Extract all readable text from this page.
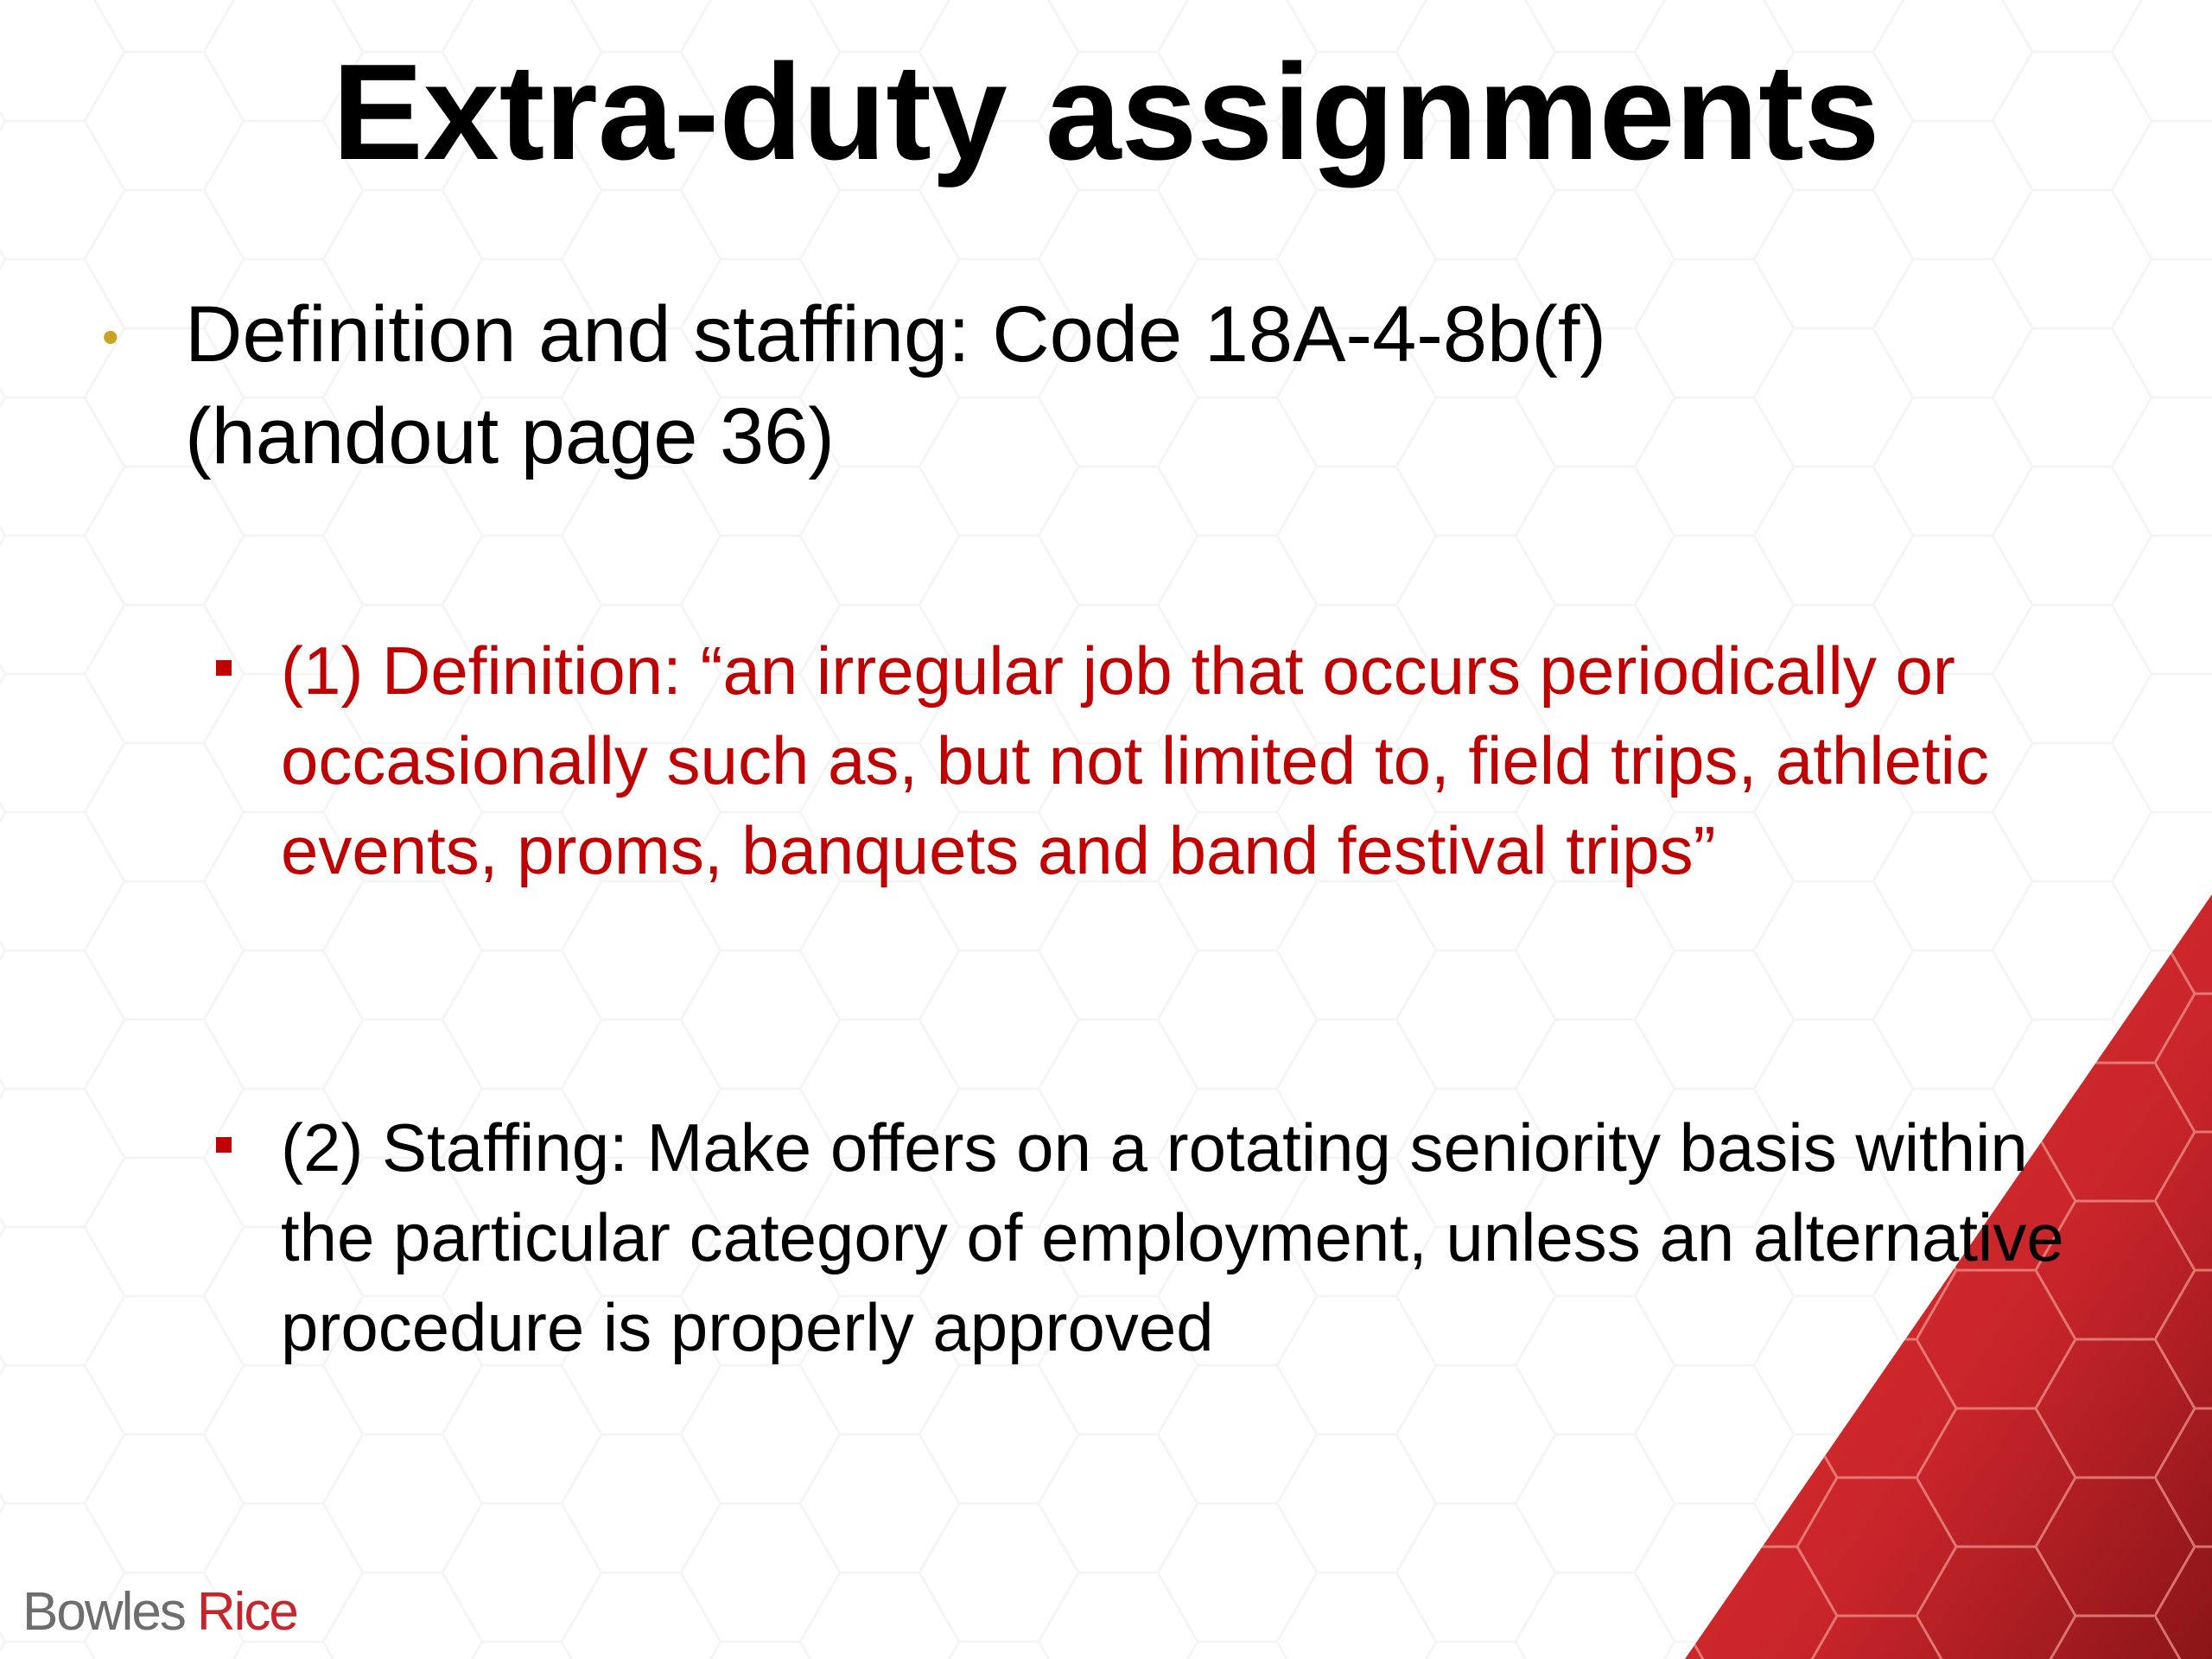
Extra-duty assignments
• Definition and staffing: Code 18A-4-8b(f) (handout page 36)
(1) Definition: “an irregular job that occurs periodically or occasionally such as, but not limited to, field trips, athletic events, proms, banquets and band festival trips”
(2) Staffing: Make offers on a rotating seniority basis within the particular category of employment, unless an alternative procedure is properly approved
Bowles Rice
